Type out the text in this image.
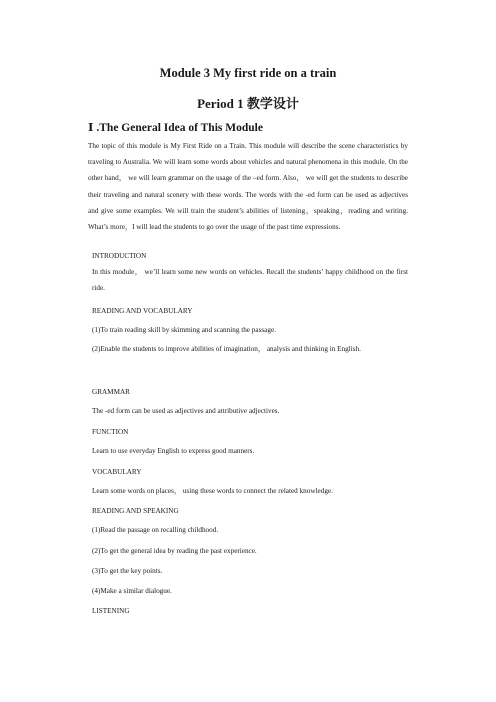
Module 3 My first ride on a train
Period 1 教学设计
Ⅰ .The General Idea of This Module
The topic of this module is My First Ride on a Train. This module will describe the scene characteristics by traveling to Australia. We will learn some words about vehicles and natural phenomena in this module. On the other hand， we will learn grammar on the usage of the –ed form. Also， we will get the students to describe their traveling and natural scenery with these words. The words with the -ed form can be used as adjectives and give some examples. We will train the student’s abilities of listening，speaking，reading and writing. What’s more，I will lead the students to go over the usage of the past time expressions.
INTRODUCTION
In this module， we’ll learn some new words on vehicles. Recall the students’ happy childhood on the first ride.
READING AND VOCABULARY
(1)To train reading skill by skimming and scanning the passage.
(2)Enable the students to improve abilities of imagination， analysis and thinking in English.
GRAMMAR
The -ed form can be used as adjectives and attributive adjectives.
FUNCTION
Learn to use everyday English to express good manners.
VOCABULARY
Learn some words on places， using these words to connect the related knowledge.
READING AND SPEAKING
(1)Read the passage on recalling childhood.
(2)To get the general idea by reading the past experience.
(3)To get the key points.
(4)Make a similar dialogue.
LISTENING
